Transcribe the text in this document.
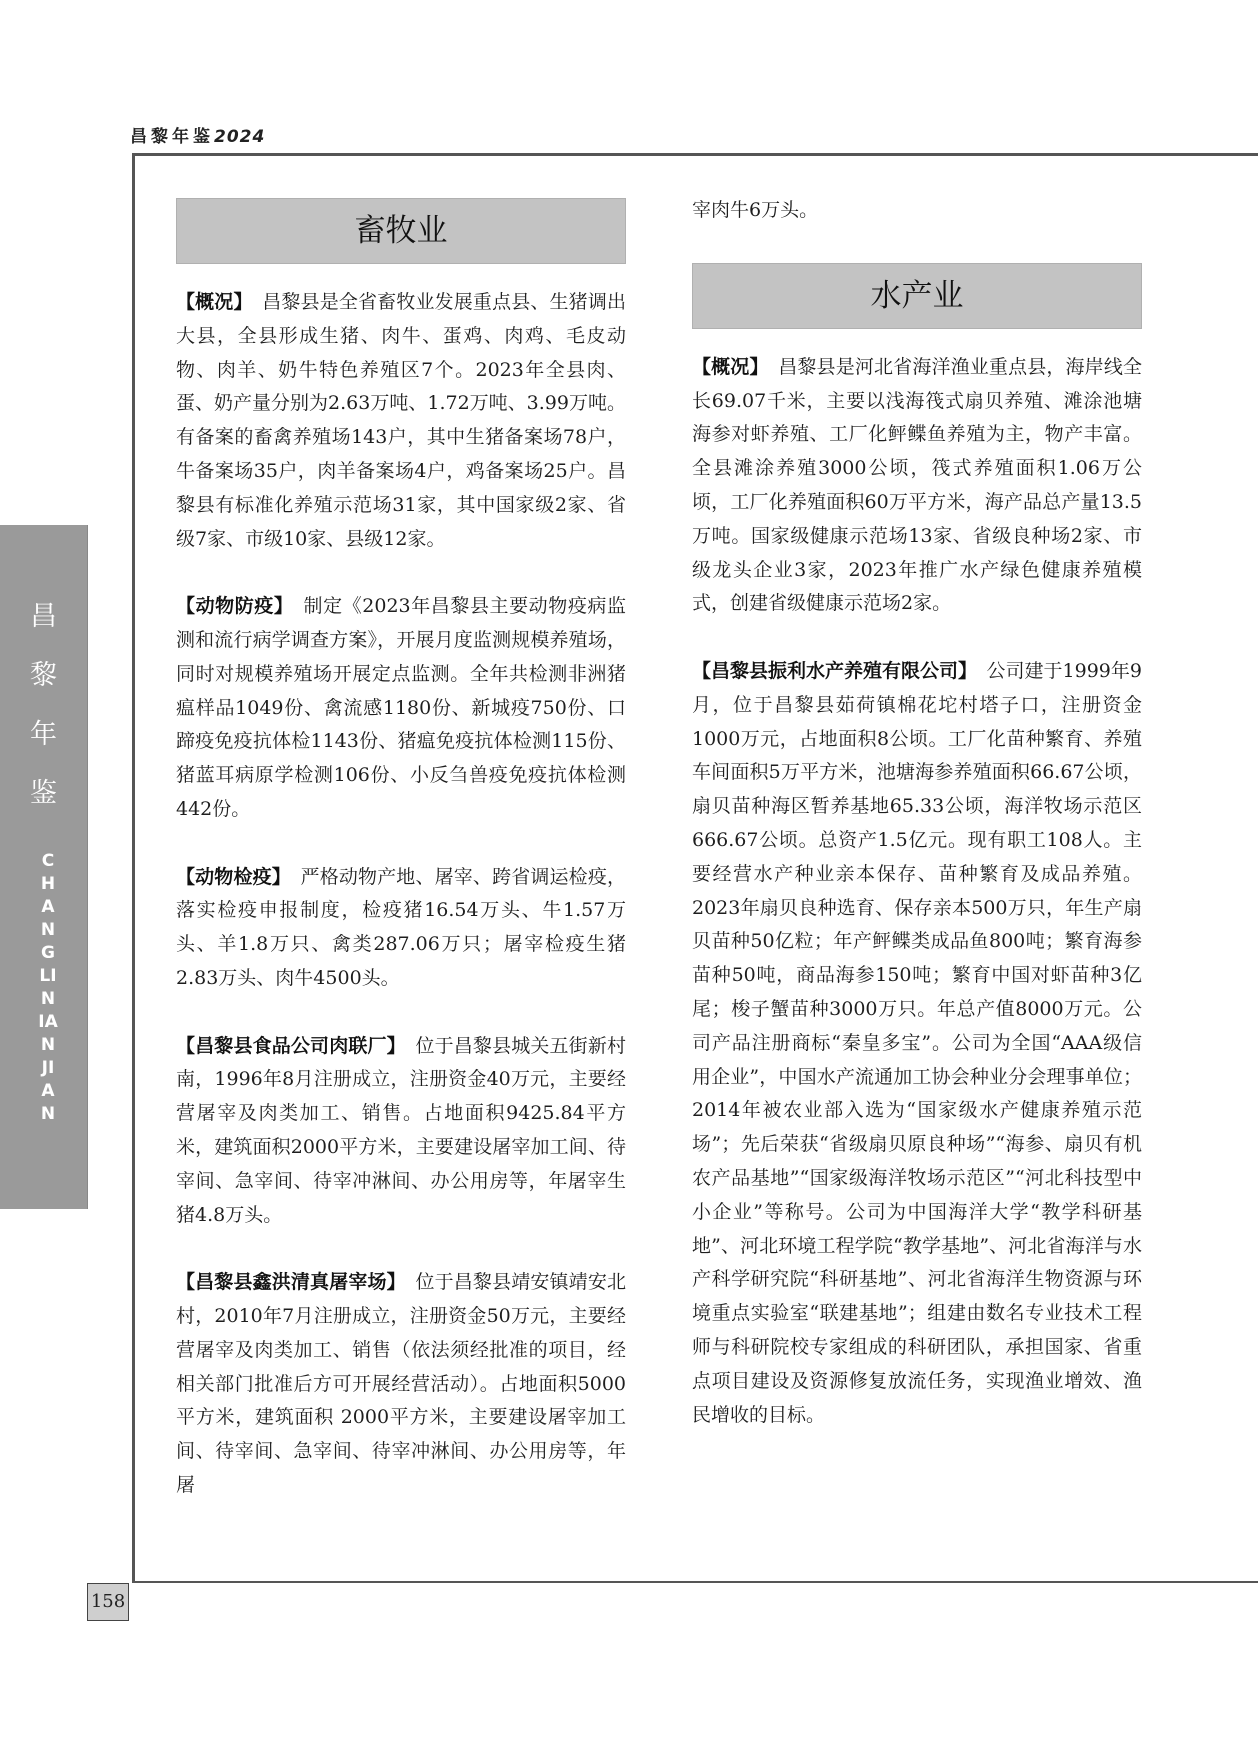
昌黎年鉴2024
昌
黎
年
鉴
CHANGLINIANJIAN
158
畜牧业

【概况】　昌黎县是全省畜牧业发展重点县、生猪调出大县，全县形成生猪、肉牛、蛋鸡、肉鸡、毛皮动物、肉羊、奶牛特色养殖区7个。2023年全县肉、蛋、奶产量分别为2.63万吨、1.72万吨、3.99万吨。有备案的畜禽养殖场143户，其中生猪备案场78户，牛备案场35户，肉羊备案场4户，鸡备案场25户。昌黎县有标准化养殖示范场31家，其中国家级2家、省级7家、市级10家、县级12家。

【动物防疫】　制定《2023年昌黎县主要动物疫病监测和流行病学调查方案》，开展月度监测规模养殖场，同时对规模养殖场开展定点监测。全年共检测非洲猪瘟样品1049份、禽流感1180份、新城疫750份、口蹄疫免疫抗体检1143份、猪瘟免疫抗体检测115份、猪蓝耳病原学检测106份、小反刍兽疫免疫抗体检测442份。

【动物检疫】　严格动物产地、屠宰、跨省调运检疫，落实检疫申报制度，检疫猪16.54万头、牛1.57万头、羊1.8万只、禽类287.06万只；屠宰检疫生猪2.83万头、肉牛4500头。

【昌黎县食品公司肉联厂】　位于昌黎县城关五街新村南，1996年8月注册成立，注册资金40万元，主要经营屠宰及肉类加工、销售。占地面积9425.84平方米，建筑面积2000平方米，主要建设屠宰加工间、待宰间、急宰间、待宰冲淋间、办公用房等，年屠宰生猪4.8万头。

【昌黎县鑫洪清真屠宰场】　位于昌黎县靖安镇靖安北村，2010年7月注册成立，注册资金50万元，主要经营屠宰及肉类加工、销售（依法须经批准的项目，经相关部门批准后方可开展经营活动）。占地面积5000平方米，建筑面积 2000平方米，主要建设屠宰加工间、待宰间、急宰间、待宰冲淋间、办公用房等，年屠

宰肉牛6万头。

水产业

【概况】　昌黎县是河北省海洋渔业重点县，海岸线全长69.07千米，主要以浅海筏式扇贝养殖、滩涂池塘海参对虾养殖、工厂化鲆鲽鱼养殖为主，物产丰富。全县滩涂养殖3000公顷，筏式养殖面积1.06万公顷，工厂化养殖面积60万平方米，海产品总产量13.5万吨。国家级健康示范场13家、省级良种场2家、市级龙头企业3家，2023年推广水产绿色健康养殖模式，创建省级健康示范场2家。

【昌黎县振利水产养殖有限公司】　公司建于1999年9月，位于昌黎县茹荷镇棉花坨村塔子口，注册资金1000万元，占地面积8公顷。工厂化苗种繁育、养殖车间面积5万平方米，池塘海参养殖面积66.67公顷，扇贝苗种海区暂养基地65.33公顷，海洋牧场示范区666.67公顷。总资产1.5亿元。现有职工108人。主要经营水产种业亲本保存、苗种繁育及成品养殖。2023年扇贝良种选育、保存亲本500万只，年生产扇贝苗种50亿粒；年产鲆鲽类成品鱼800吨；繁育海参苗种50吨，商品海参150吨；繁育中国对虾苗种3亿尾；梭子蟹苗种3000万只。年总产值8000万元。公司产品注册商标“秦皇多宝”。公司为全国“AAA级信用企业”，中国水产流通加工协会种业分会理事单位；2014年被农业部入选为“国家级水产健康养殖示范场”；先后荣获“省级扇贝原良种场”“海参、扇贝有机农产品基地”“国家级海洋牧场示范区”“河北科技型中小企业”等称号。公司为中国海洋大学“教学科研基地”、河北环境工程学院“教学基地”、河北省海洋与水产科学研究院“科研基地”、河北省海洋生物资源与环境重点实验室“联建基地”；组建由数名专业技术工程师与科研院校专家组成的科研团队，承担国家、省重点项目建设及资源修复放流任务，实现渔业增效、渔民增收的目标。
